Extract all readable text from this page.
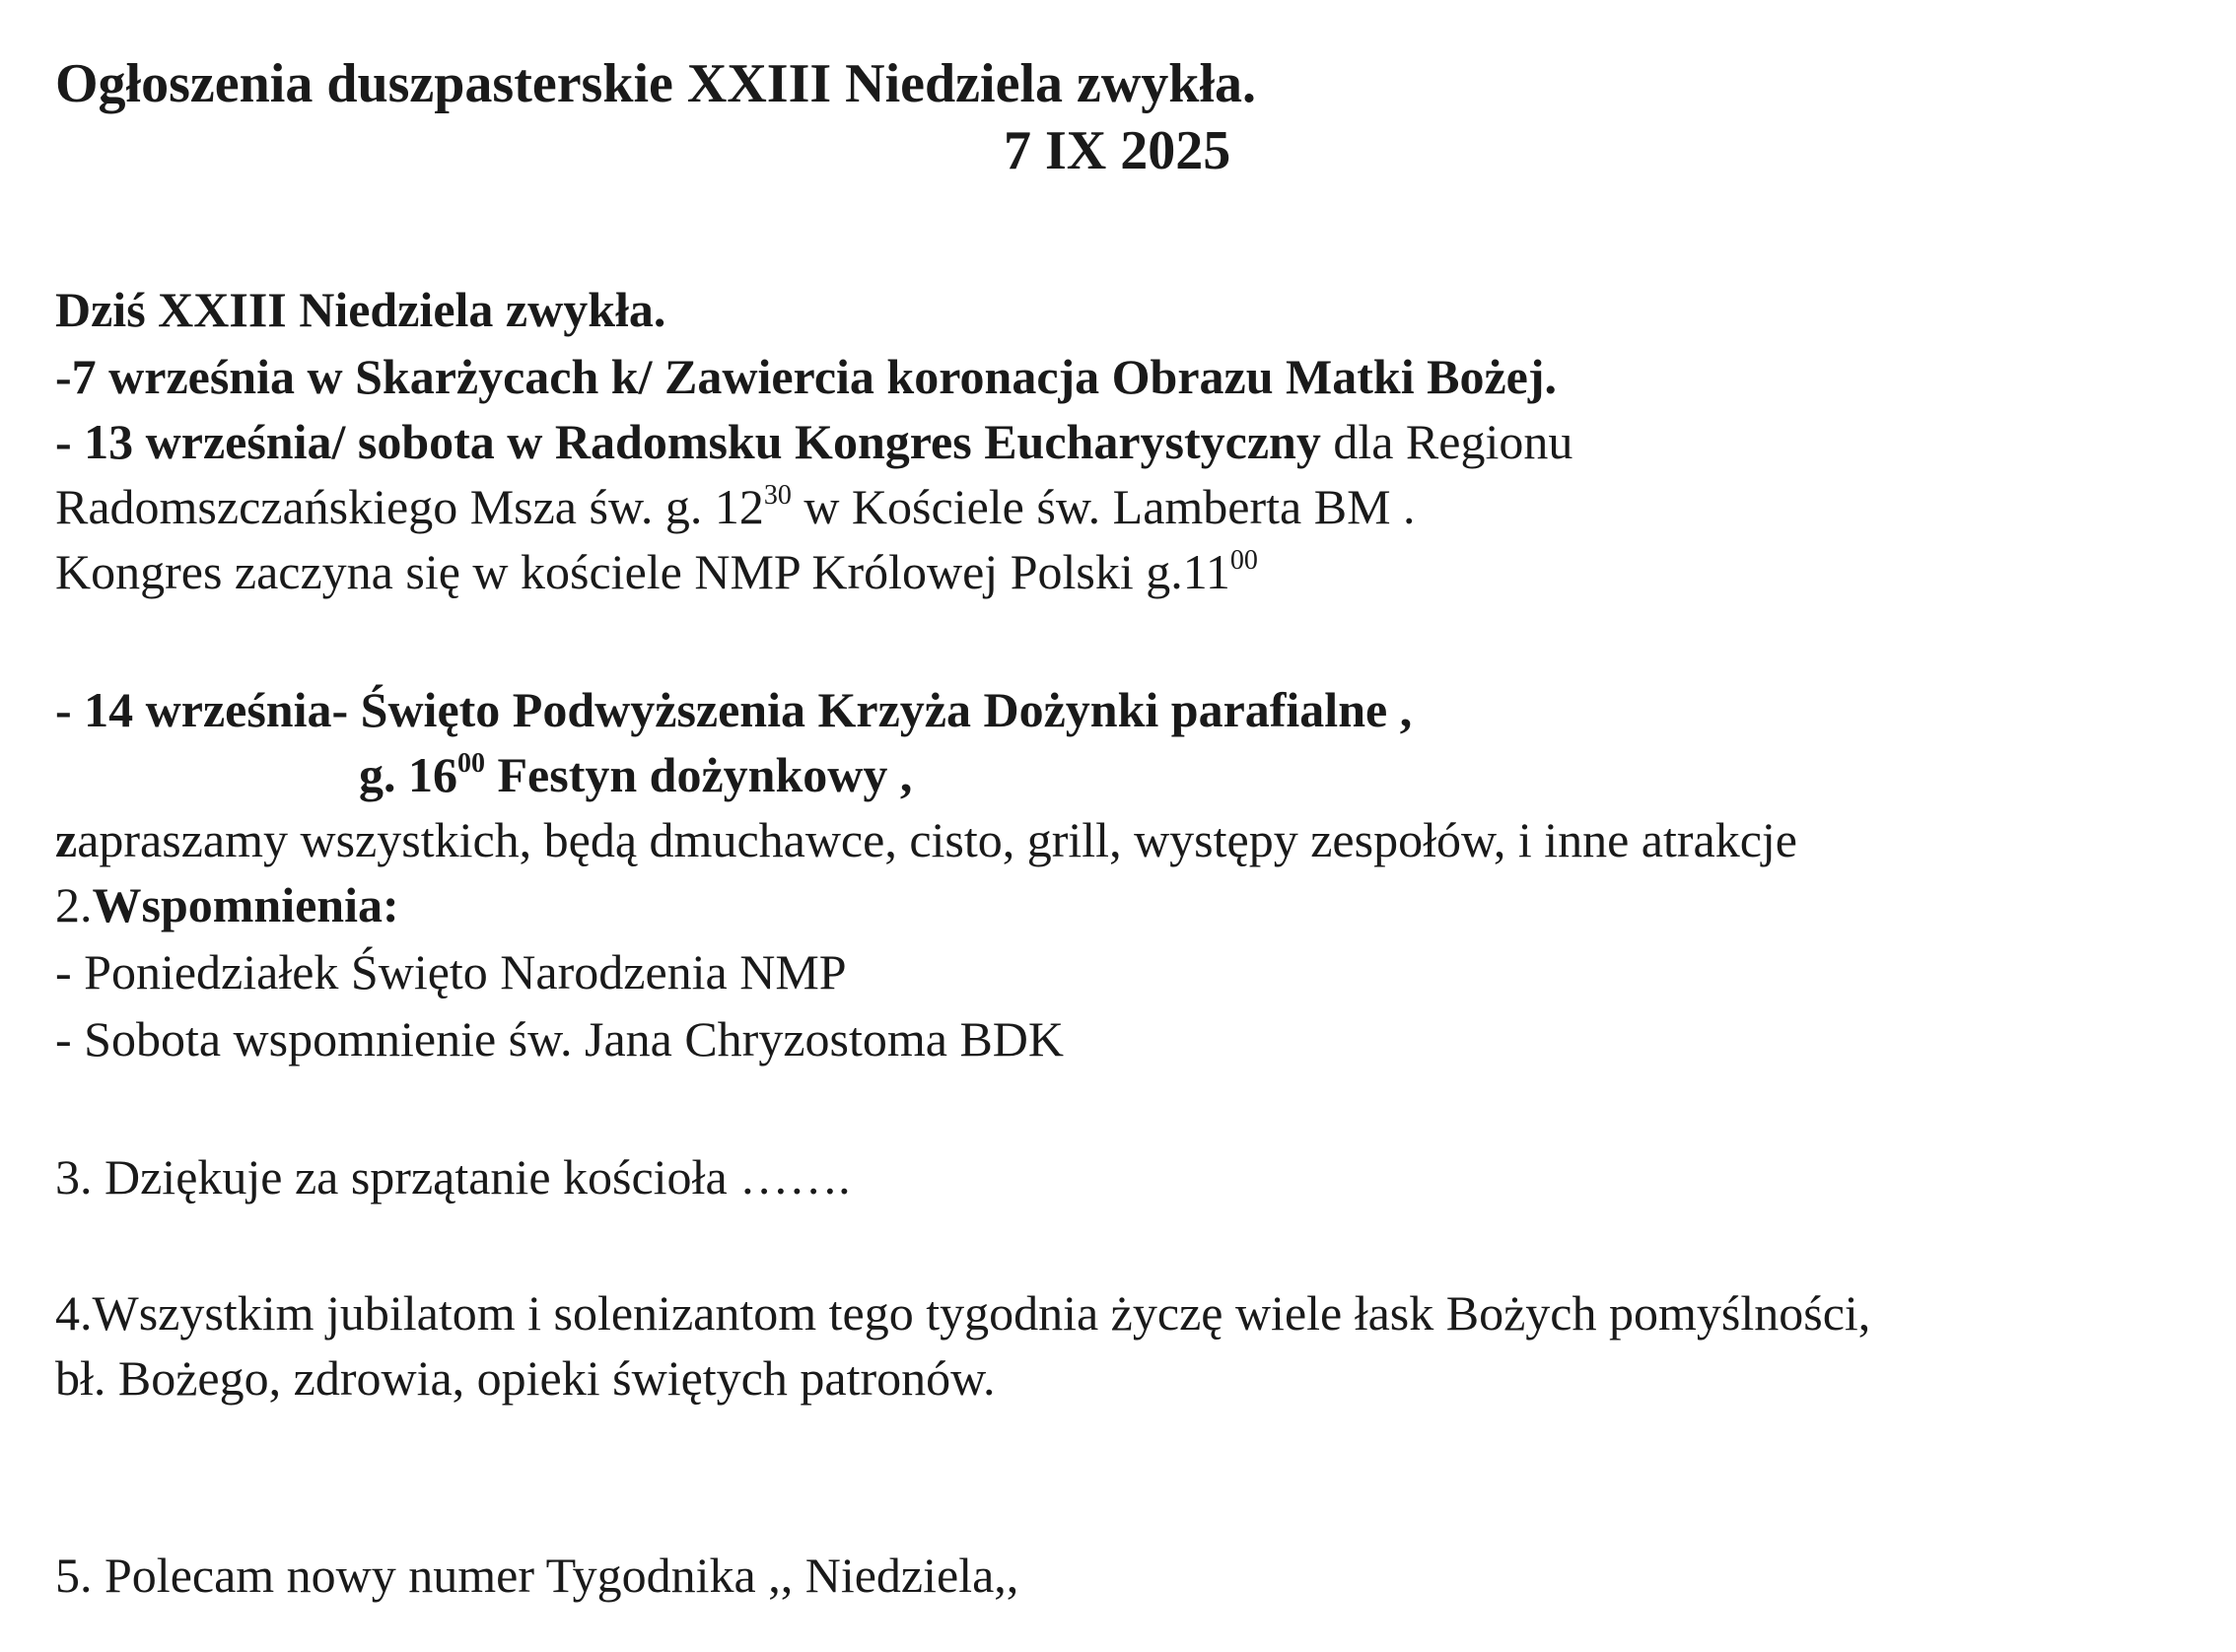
Ogłoszenia duszpasterskie XXIII Niedziela zwykła.
7 IX 2025
Dziś XXIII Niedziela zwykła.
-7 września w Skarżycach k/ Zawiercia koronacja Obrazu Matki Bożej.
- 13 września/ sobota w Radomsku Kongres Eucharystyczny dla Regionu
Radomszczańskiego Msza św. g. $12^{30}$ w Kościele św. Lamberta BM .
Kongres zaczyna się w kościele NMP Królowej Polski $g.11^{00}$
- 14 września- Święto Podwyższenia Krzyża Dożynki parafialne ,
g. $16^{00}$ Festyn dożynkowy ,
zapraszamy wszystkich, będą dmuchawce, cisto, grill, występy zespołów, i inne atrakcje
2.Wspomnienia:
- Poniedziałek Święto Narodzenia NMP
- Sobota wspomnienie św. Jana Chryzostoma BDK
3. Dziękuje za sprzątanie kościoła …….
4.Wszystkim jubilatom i solenizantom tego tygodnia życzę wiele łask Bożych pomyślności,
bł. Bożego, zdrowia, opieki świętych patronów.
5. Polecam nowy numer Tygodnika ,, Niedziela,,
